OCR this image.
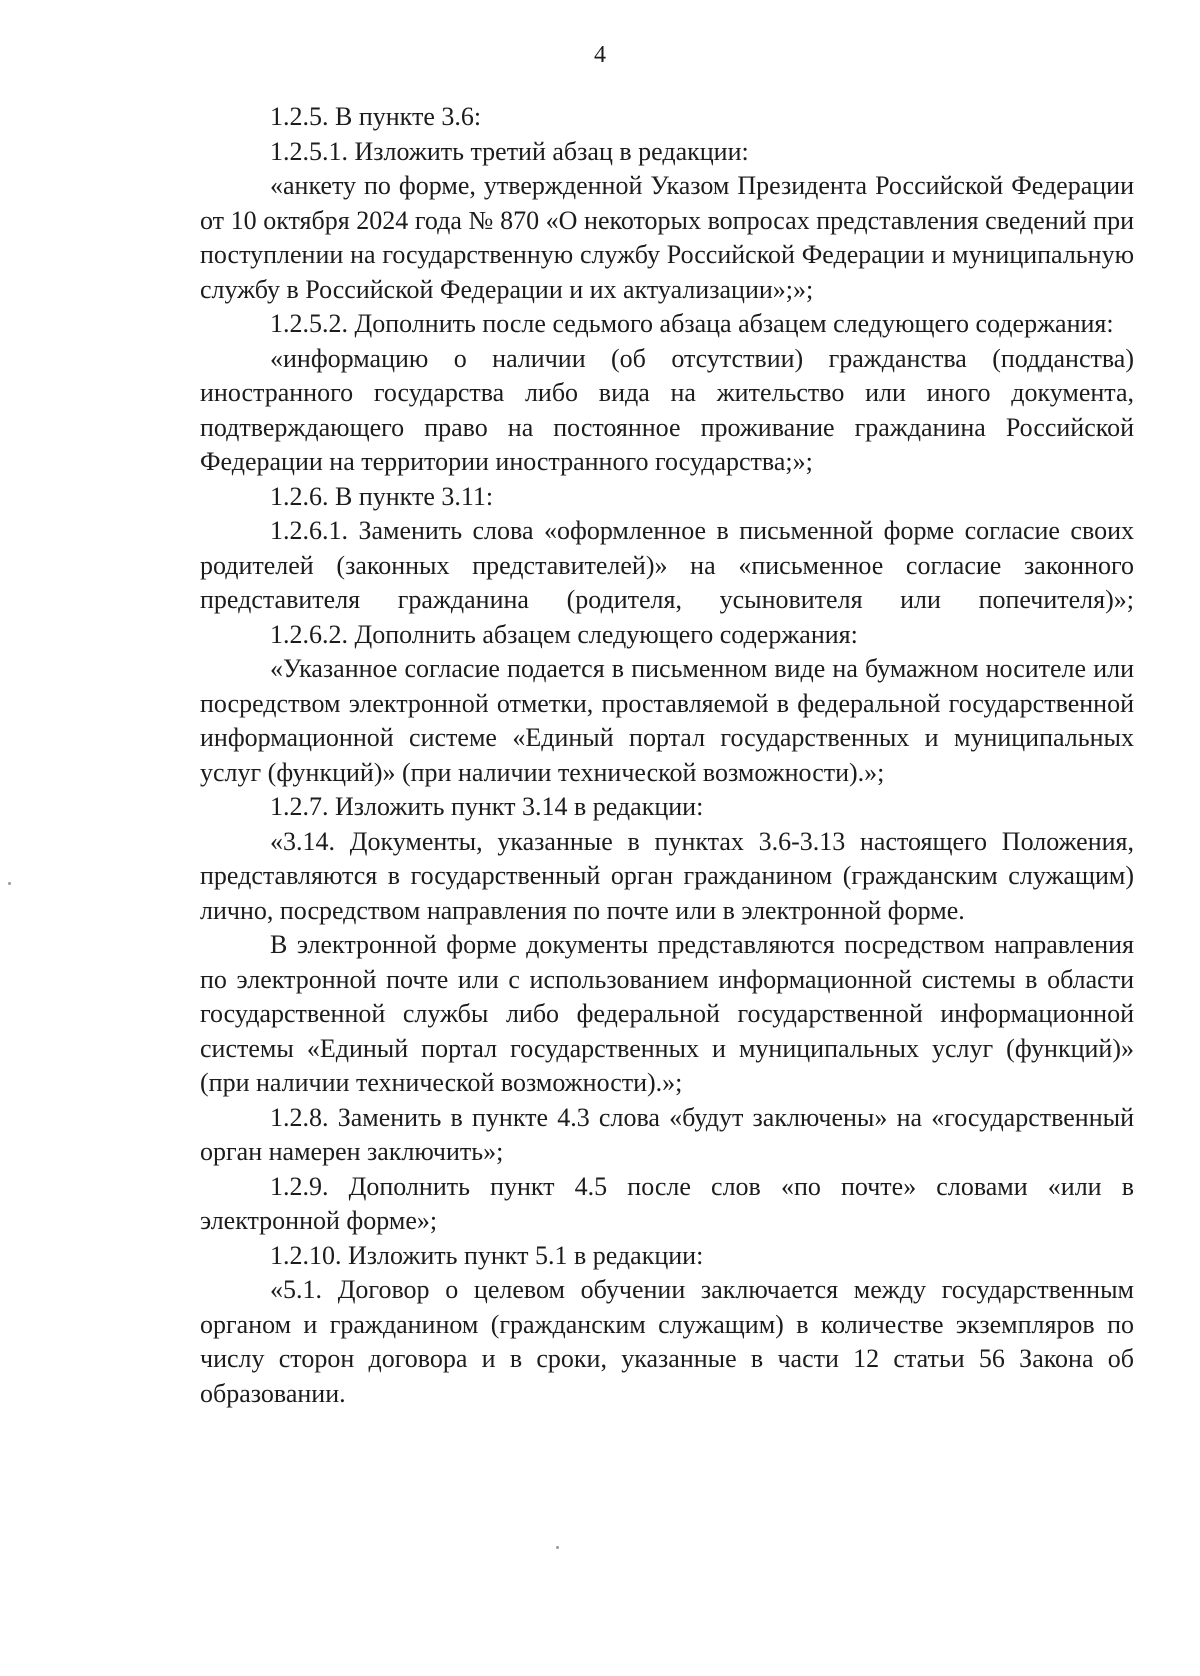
4

1.2.5. В пункте 3.6:

1.2.5.1. Изложить третий абзац в редакции:

«анкету по форме, утвержденной Указом Президента Российской Федерации от 10 октября 2024 года № 870 «О некоторых вопросах представления сведений при поступлении на государственную службу Российской Федерации и муниципальную службу в Российской Федерации и их актуализации»;»;

1.2.5.2. Дополнить после седьмого абзаца абзацем следующего содержания:

«информацию о наличии (об отсутствии) гражданства (подданства) иностранного государства либо вида на жительство или иного документа, подтверждающего право на постоянное проживание гражданина Российской Федерации на территории иностранного государства;»;

1.2.6. В пункте 3.11:

1.2.6.1. Заменить слова «оформленное в письменной форме согласие своих родителей (законных представителей)» на «письменное согласие законного представителя гражданина (родителя, усыновителя или попечителя)»;

1.2.6.2. Дополнить абзацем следующего содержания:

«Указанное согласие подается в письменном виде на бумажном носителе или посредством электронной отметки, проставляемой в федеральной государственной информационной системе «Единый портал государственных и муниципальных услуг (функций)» (при наличии технической возможности).»;

1.2.7. Изложить пункт 3.14 в редакции:

«3.14. Документы, указанные в пунктах 3.6-3.13 настоящего Положения, представляются в государственный орган гражданином (гражданским служащим) лично, посредством направления по почте или в электронной форме.

В электронной форме документы представляются посредством направления по электронной почте или с использованием информационной системы в области государственной службы либо федеральной государственной информационной системы «Единый портал государственных и муниципальных услуг (функций)» (при наличии технической возможности).»;

1.2.8. Заменить в пункте 4.3 слова «будут заключены» на «государственный орган намерен заключить»;

1.2.9. Дополнить пункт 4.5 после слов «по почте» словами «или в электронной форме»;

1.2.10. Изложить пункт 5.1 в редакции:

«5.1. Договор о целевом обучении заключается между государственным органом и гражданином (гражданским служащим) в количестве экземпляров по числу сторон договора и в сроки, указанные в части 12 статьи 56 Закона об образовании.
